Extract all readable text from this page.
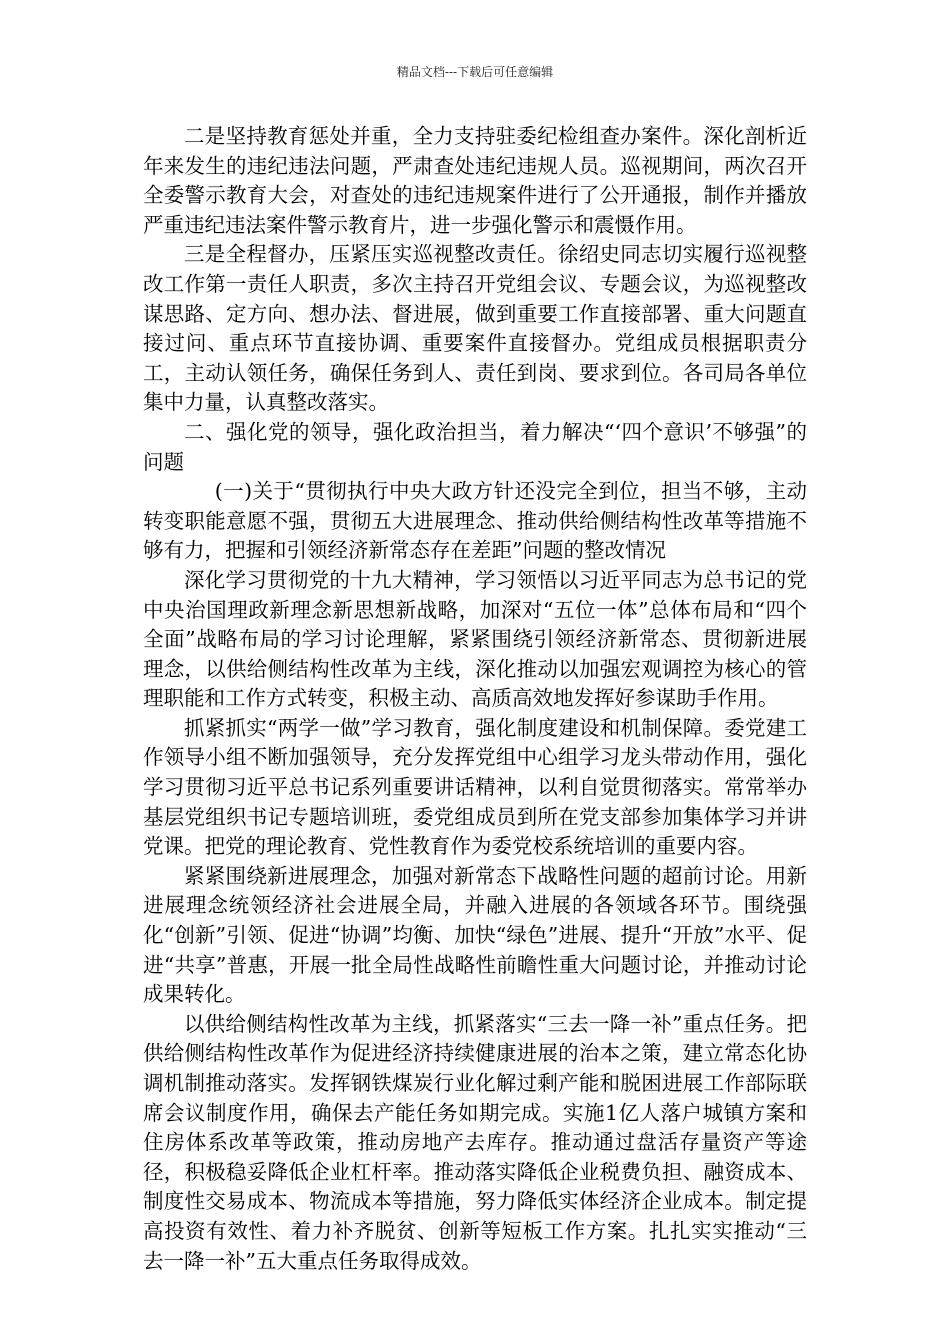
精品文档---下载后可任意编辑

二是坚持教育惩处并重，全力支持驻委纪检组查办案件。深化剖析近年来发生的违纪违法问题，严肃查处违纪违规人员。巡视期间，两次召开全委警示教育大会，对查处的违纪违规案件进行了公开通报，制作并播放严重违纪违法案件警示教育片，进一步强化警示和震慑作用。

三是全程督办，压紧压实巡视整改责任。徐绍史同志切实履行巡视整改工作第一责任人职责，多次主持召开党组会议、专题会议，为巡视整改谋思路、定方向、想办法、督进展，做到重要工作直接部署、重大问题直接过问、重点环节直接协调、重要案件直接督办。党组成员根据职责分工，主动认领任务，确保任务到人、责任到岗、要求到位。各司局各单位集中力量，认真整改落实。

二、强化党的领导，强化政治担当，着力解决“‘四个意识’不够强”的问题

(一)关于“贯彻执行中央大政方针还没完全到位，担当不够，主动转变职能意愿不强，贯彻五大进展理念、推动供给侧结构性改革等措施不够有力，把握和引领经济新常态存在差距”问题的整改情况

深化学习贯彻党的十九大精神，学习领悟以习近平同志为总书记的党中央治国理政新理念新思想新战略，加深对“五位一体”总体布局和“四个全面”战略布局的学习讨论理解，紧紧围绕引领经济新常态、贯彻新进展理念，以供给侧结构性改革为主线，深化推动以加强宏观调控为核心的管理职能和工作方式转变，积极主动、高质高效地发挥好参谋助手作用。

抓紧抓实“两学一做”学习教育，强化制度建设和机制保障。委党建工作领导小组不断加强领导，充分发挥党组中心组学习龙头带动作用，强化学习贯彻习近平总书记系列重要讲话精神，以利自觉贯彻落实。常常举办基层党组织书记专题培训班，委党组成员到所在党支部参加集体学习并讲党课。把党的理论教育、党性教育作为委党校系统培训的重要内容。

紧紧围绕新进展理念，加强对新常态下战略性问题的超前讨论。用新进展理念统领经济社会进展全局，并融入进展的各领域各环节。围绕强化“创新”引领、促进“协调”均衡、加快“绿色”进展、提升“开放”水平、促进“共享”普惠，开展一批全局性战略性前瞻性重大问题讨论，并推动讨论成果转化。

以供给侧结构性改革为主线，抓紧落实“三去一降一补”重点任务。把供给侧结构性改革作为促进经济持续健康进展的治本之策，建立常态化协调机制推动落实。发挥钢铁煤炭行业化解过剩产能和脱困进展工作部际联席会议制度作用，确保去产能任务如期完成。实施1亿人落户城镇方案和住房体系改革等政策，推动房地产去库存。推动通过盘活存量资产等途径，积极稳妥降低企业杠杆率。推动落实降低企业税费负担、融资成本、制度性交易成本、物流成本等措施，努力降低实体经济企业成本。制定提高投资有效性、着力补齐脱贫、创新等短板工作方案。扎扎实实推动“三去一降一补”五大重点任务取得成效。
